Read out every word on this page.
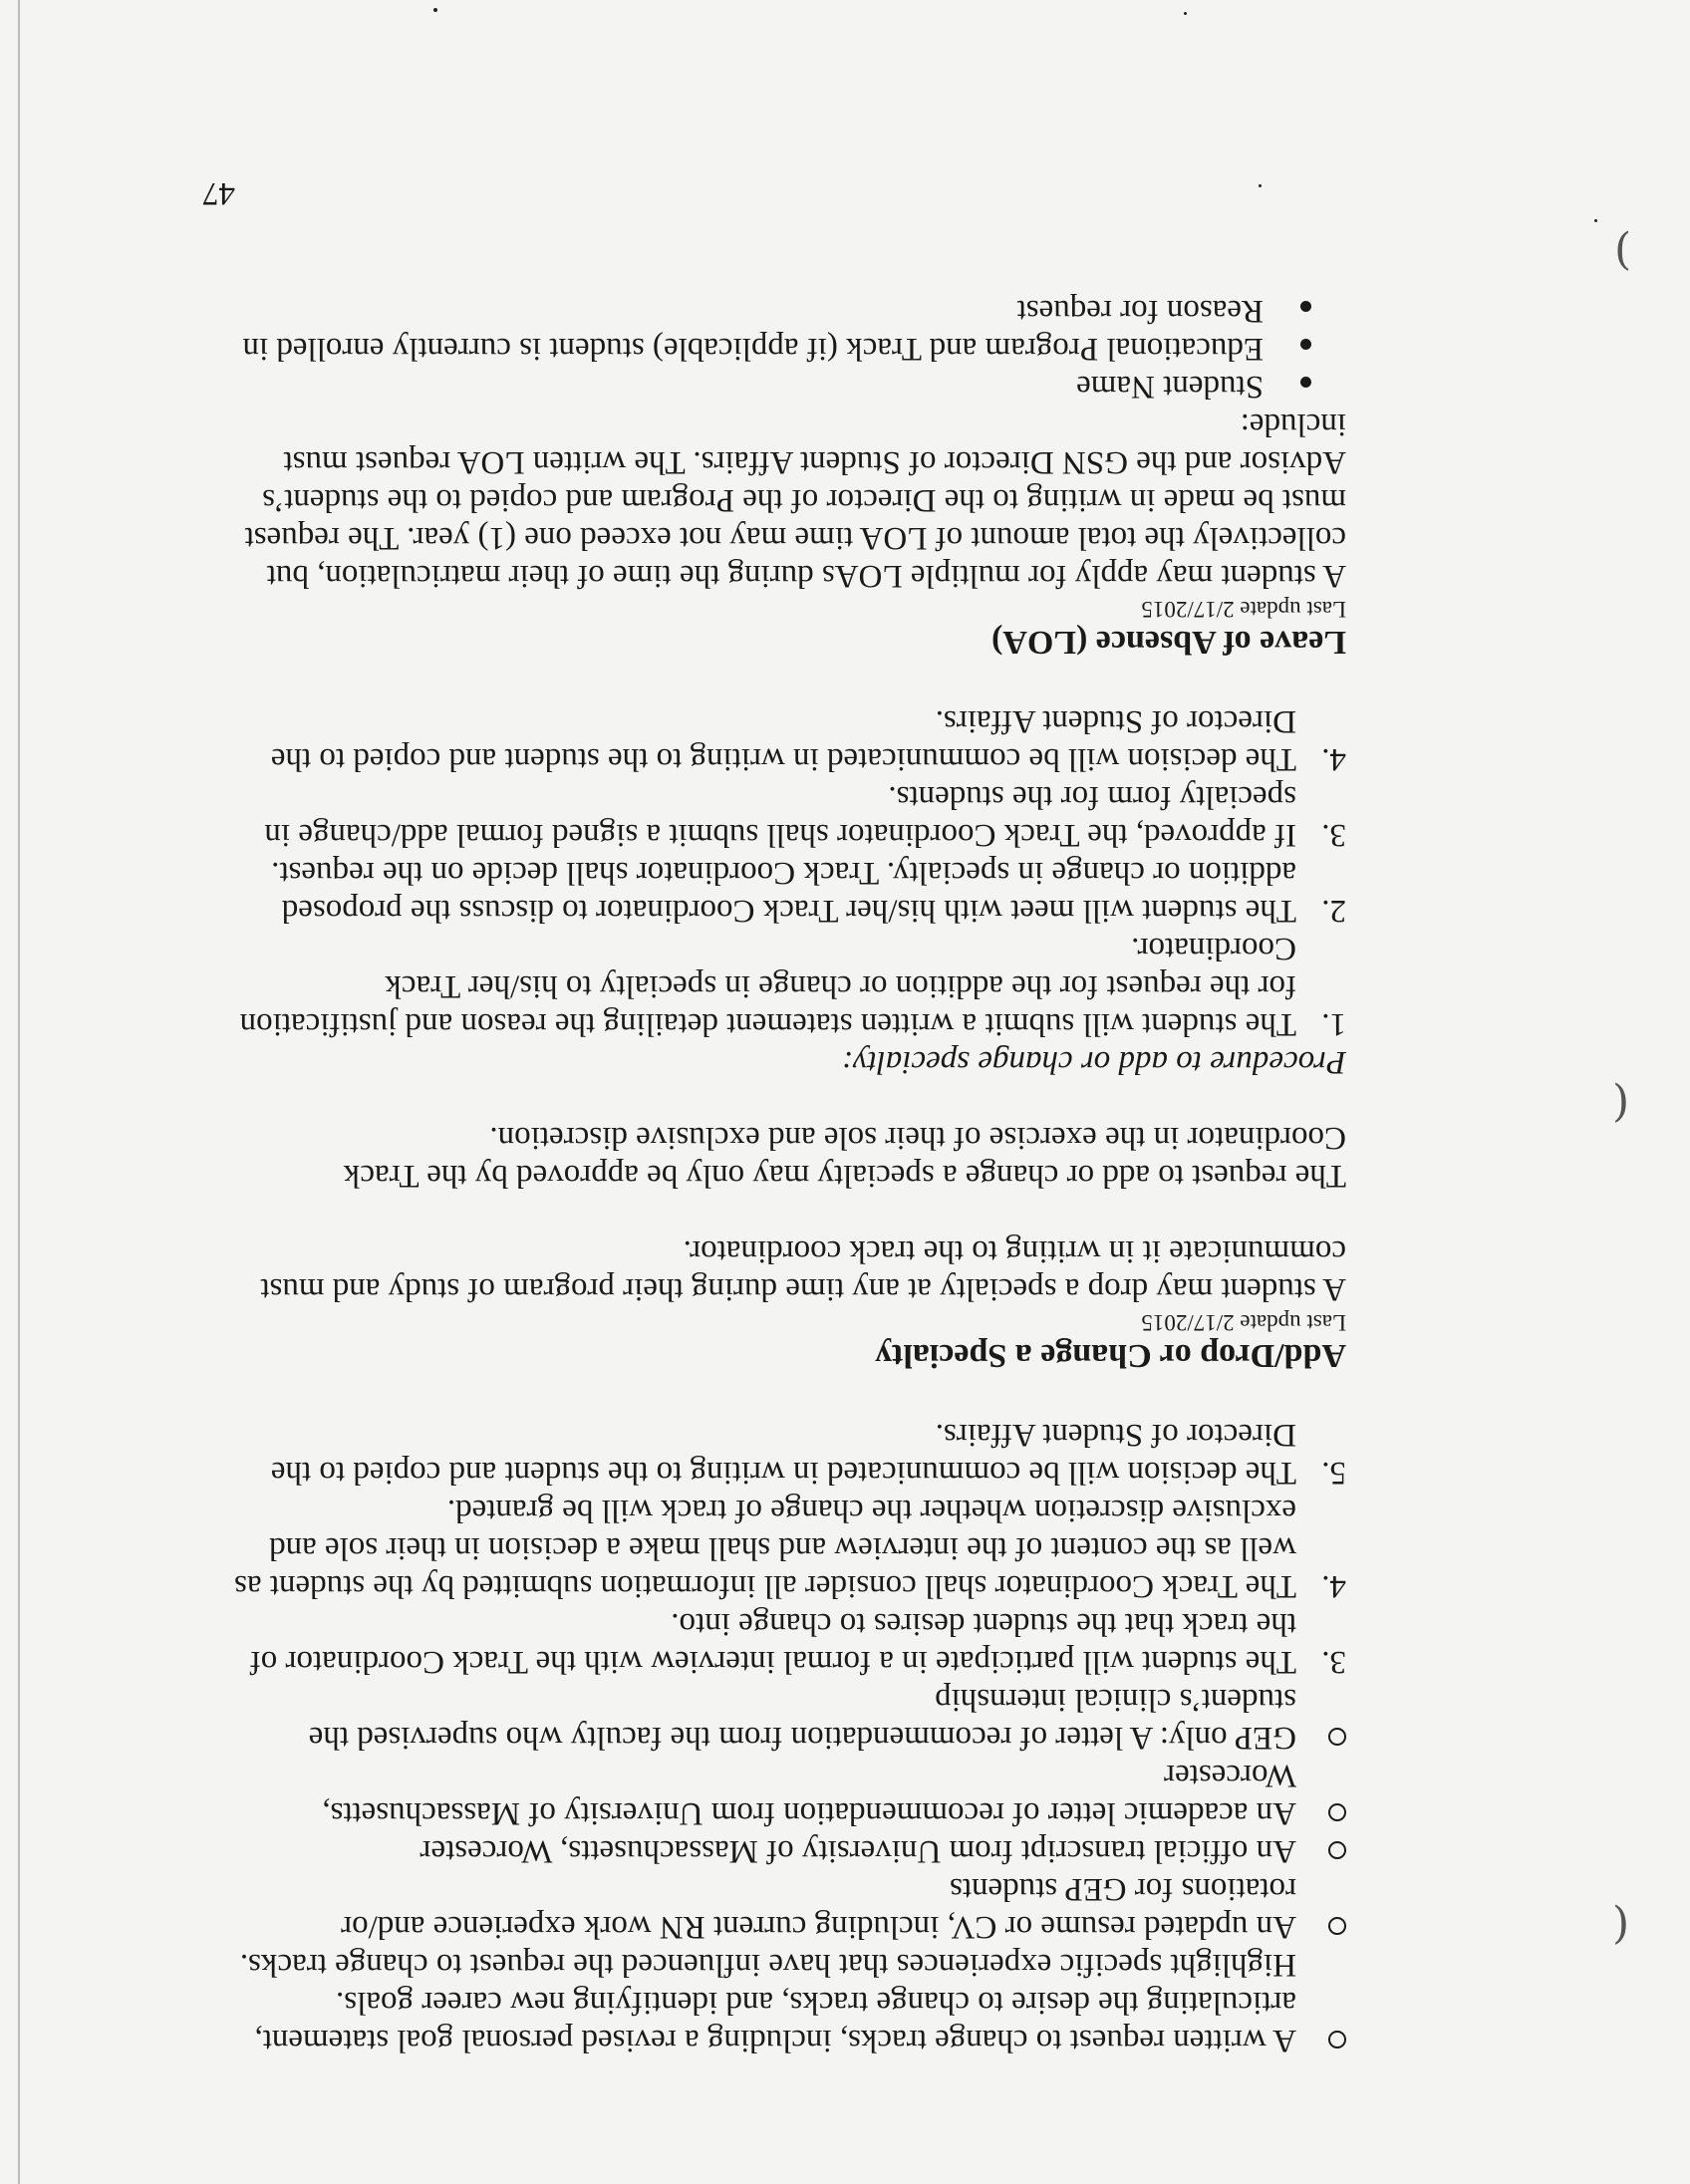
)
)
(
A written request to change tracks, including a revised personal goal statement, articulating the desire to change tracks, and identifying new career goals. Highlight specific experiences that have influenced the request to change tracks.
An updated resume or CV, including current RN work experience and/or rotations for GEP students
An official transcript from University of Massachusetts, Worcester
An academic letter of recommendation from University of Massachusetts, Worcester
GEP only: A letter of recommendation from the faculty who supervised the student’s clinical internship
3.
The student will participate in a formal interview with the Track Coordinator of the track that the student desires to change into.
4.
The Track Coordinator shall consider all information submitted by the student as well as the content of the interview and shall make a decision in their sole and exclusive discretion whether the change of track will be granted.
5.
The decision will be communicated in writing to the student and copied to the Director of Student Affairs.
Add/Drop or Change a Specialty
Last update 2/17/2015
A student may drop a specialty at any time during their program of study and must communicate it in writing to the track coordinator.
The request to add or change a specialty may only be approved by the Track Coordinator in the exercise of their sole and exclusive discretion.
Procedure to add or change specialty:
1.
The student will submit a written statement detailing the reason and justification for the request for the addition or change in specialty to his/her Track Coordinator.
2.
The student will meet with his/her Track Coordinator to discuss the proposed addition or change in specialty. Track Coordinator shall decide on the request.
3.
If approved, the Track Coordinator shall submit a signed formal add/change in specialty form for the students.
4.
The decision will be communicated in writing to the student and copied to the Director of Student Affairs.
Leave of Absence (LOA)
Last update 2/17/2015
A student may apply for multiple LOAs during the time of their matriculation, but collectively the total amount of LOA time may not exceed one (1) year. The request must be made in writing to the Director of the Program and copied to the student’s Advisor and the GSN Director of Student Affairs. The written LOA request must include:
Student Name
Educational Program and Track (if applicable) student is currently enrolled in
Reason for request
47
